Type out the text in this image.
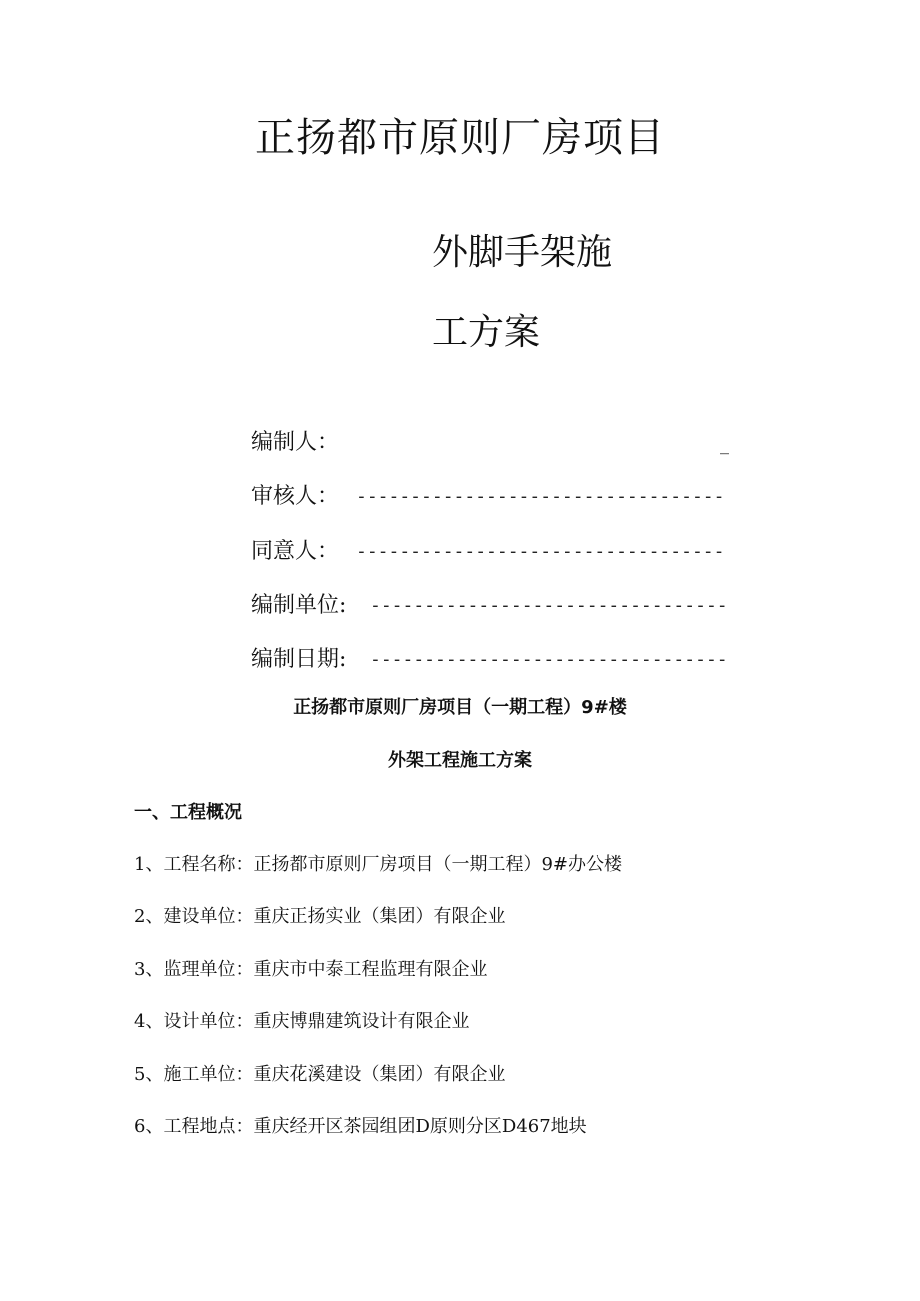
正扬都市原则厂房项目
外脚手架施
工方案
编制人：	_
审核人： ----------------------------------
同意人： ----------------------------------
编制单位: ---------------------------------
编制日期: ---------------------------------
正扬都市原则厂房项目（一期工程）9#楼
外架工程施工方案
一、工程概况
1、工程名称：正扬都市原则厂房项目（一期工程）9#办公楼
2、建设单位：重庆正扬实业（集团）有限企业
3、监理单位：重庆市中泰工程监理有限企业
4、设计单位：重庆博鼎建筑设计有限企业
5、施工单位：重庆花溪建设（集团）有限企业
6、工程地点：重庆经开区茶园组团D原则分区D467地块
